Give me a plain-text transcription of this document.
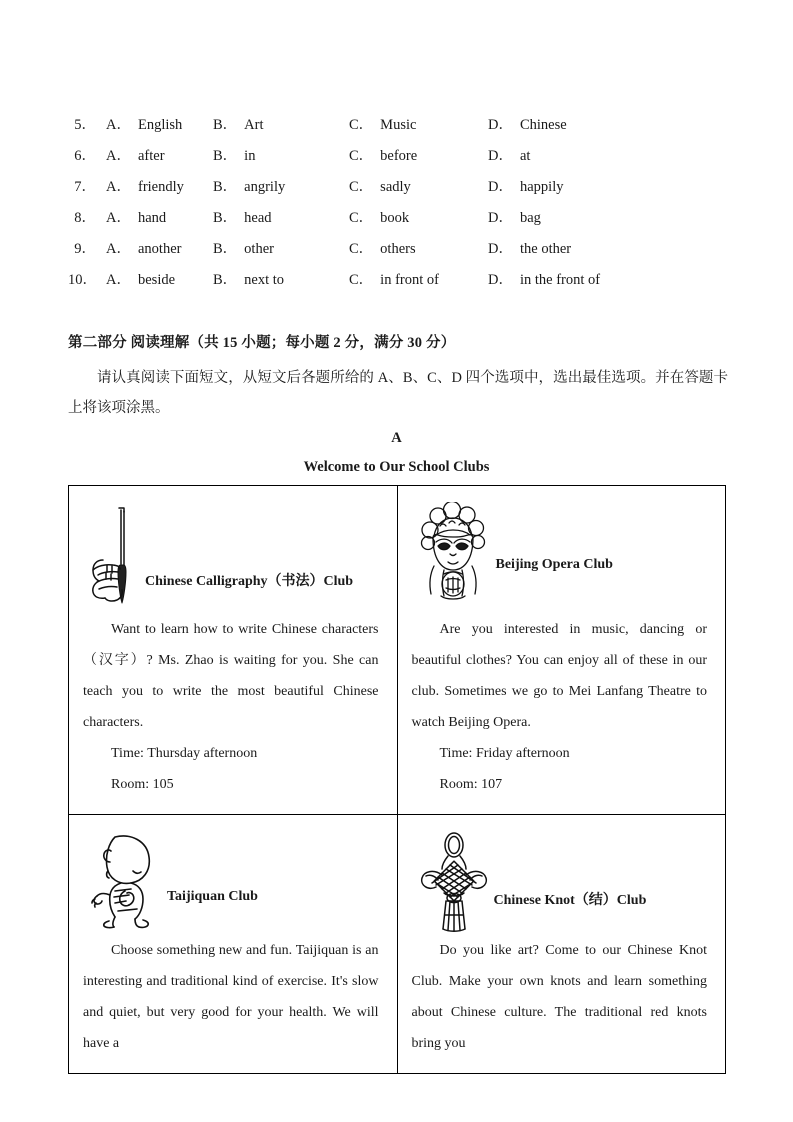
5． A． English B． Art	C． Music	D． Chinese
6． A． after	B． in	C． before	D． at
7． A． friendly B． angrily	C． sadly	D． happily
8． A． hand	B． head	C． book	D． bag
9． A． another B． other	C． others	D． the other
10． A． beside	B． next to	C． in front of	D． in the front of
第二部分 阅读理解（共 15 小题；每小题 2 分，满分 30 分）
请认真阅读下面短文，从短文后各题所给的 A、B、C、D 四个选项中，选出最佳选项。并在答题卡上将该项涂黑。
A
Welcome to Our School Clubs
Chinese Calligraphy（书法）Club

Want to learn how to write Chinese characters（汉字）? Ms. Zhao is waiting for you. She can teach you to write the most beautiful Chinese characters.

Time: Thursday afternoon

Room: 105

Beijing Opera Club

Are you interested in music, dancing or beautiful clothes? You can enjoy all of these in our club. Sometimes we go to Mei Lanfang Theatre to watch Beijing Opera.

Time: Friday afternoon

Room: 107

Taijiquan Club

Choose something new and fun. Taijiquan is an interesting and traditional kind of exercise. It's slow and quiet, but very good for your health. We will have a

Chinese Knot（结）Club

Do you like art? Come to our Chinese Knot Club. Make your own knots and learn something about Chinese culture. The traditional red knots bring you
